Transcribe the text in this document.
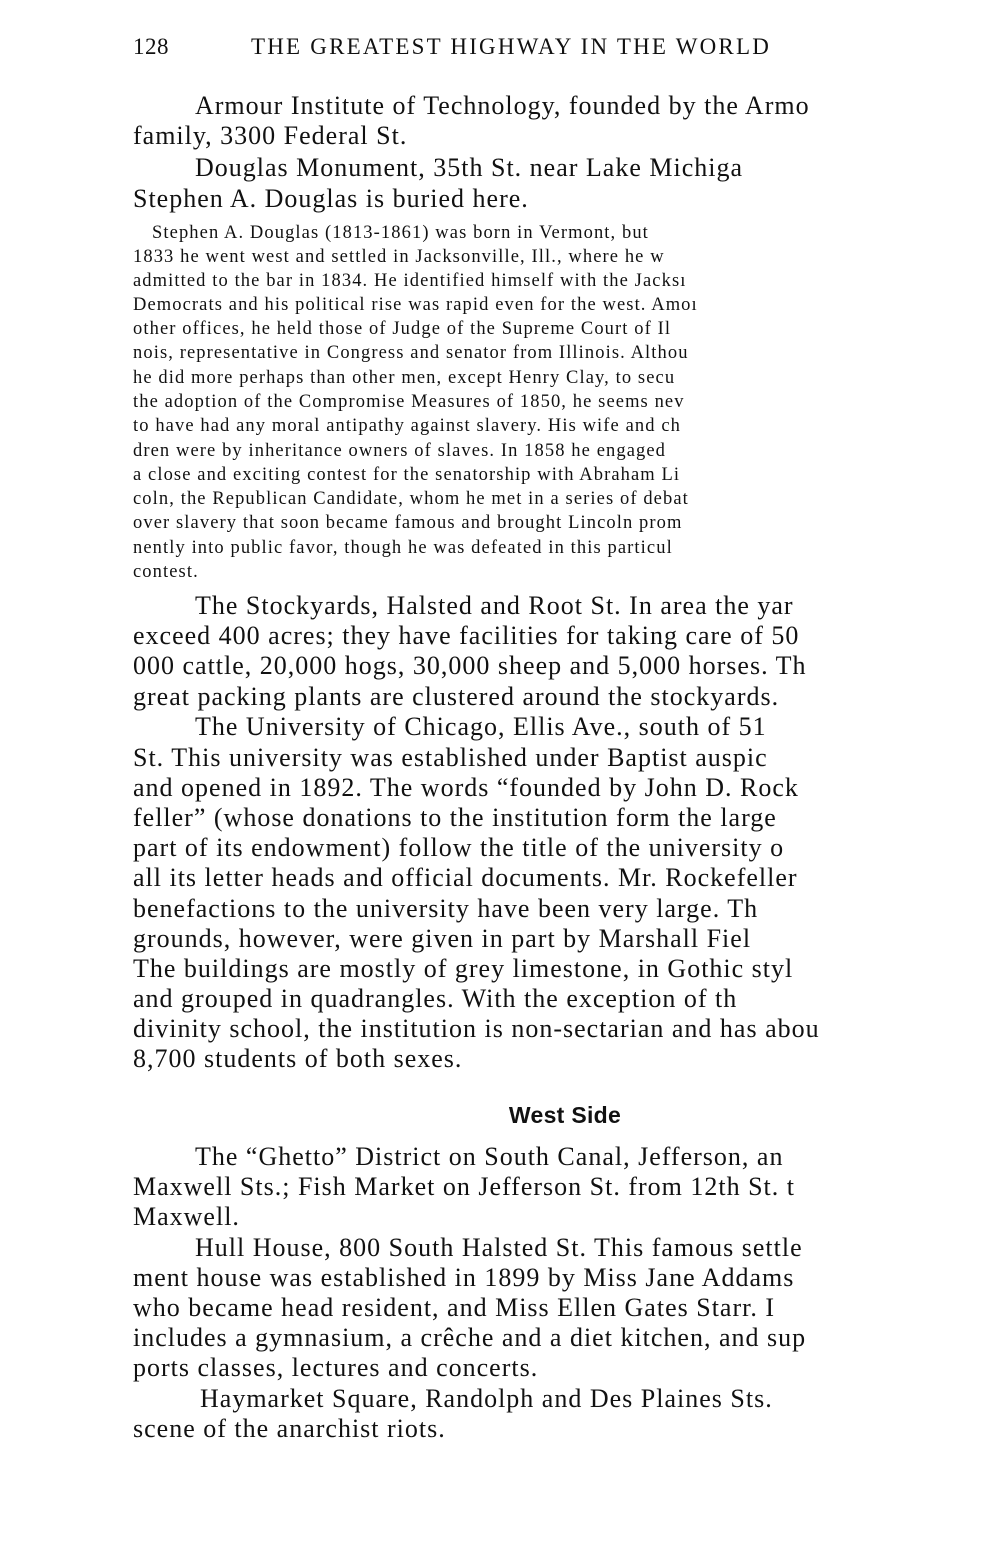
128	THE GREATEST HIGHWAY IN THE WORLD
Armour Institute of Technology, founded by the Armo
family, 3300 Federal St.
Douglas Monument, 35th St. near Lake Michiga
Stephen A. Douglas is buried here.
Stephen A. Douglas (1813-1861) was born in Vermont, but
1833 he went west and settled in Jacksonville, Ill., where he w
admitted to the bar in 1834. He identified himself with the Jacksı
Democrats and his political rise was rapid even for the west. Amoı
other offices, he held those of Judge of the Supreme Court of Il
nois, representative in Congress and senator from Illinois. Althou
he did more perhaps than other men, except Henry Clay, to secu
the adoption of the Compromise Measures of 1850, he seems nev
to have had any moral antipathy against slavery. His wife and ch
dren were by inheritance owners of slaves. In 1858 he engaged
a close and exciting contest for the senatorship with Abraham Li
coln, the Republican Candidate, whom he met in a series of debat
over slavery that soon became famous and brought Lincoln prom
nently into public favor, though he was defeated in this particul
contest.
The Stockyards, Halsted and Root St. In area the yar
exceed 400 acres; they have facilities for taking care of 50
000 cattle, 20,000 hogs, 30,000 sheep and 5,000 horses. Th
great packing plants are clustered around the stockyards.
The University of Chicago, Ellis Ave., south of 51
St. This university was established under Baptist auspic
and opened in 1892. The words “founded by John D. Rock
feller” (whose donations to the institution form the large
part of its endowment) follow the title of the university o
all its letter heads and official documents. Mr. Rockefeller
benefactions to the university have been very large. Th
grounds, however, were given in part by Marshall Fiel
The buildings are mostly of grey limestone, in Gothic styl
and grouped in quadrangles. With the exception of th
divinity school, the institution is non-sectarian and has abou
8,700 students of both sexes.
The “Ghetto” District on South Canal, Jefferson, an
Maxwell Sts.; Fish Market on Jefferson St. from 12th St. t
Maxwell.
Hull House, 800 South Halsted St. This famous settle
ment house was established in 1899 by Miss Jane Addams
who became head resident, and Miss Ellen Gates Starr. I
includes a gymnasium, a crêche and a diet kitchen, and sup
ports classes, lectures and concerts.
Haymarket Square, Randolph and Des Plaines Sts.
scene of the anarchist riots.
West Side
